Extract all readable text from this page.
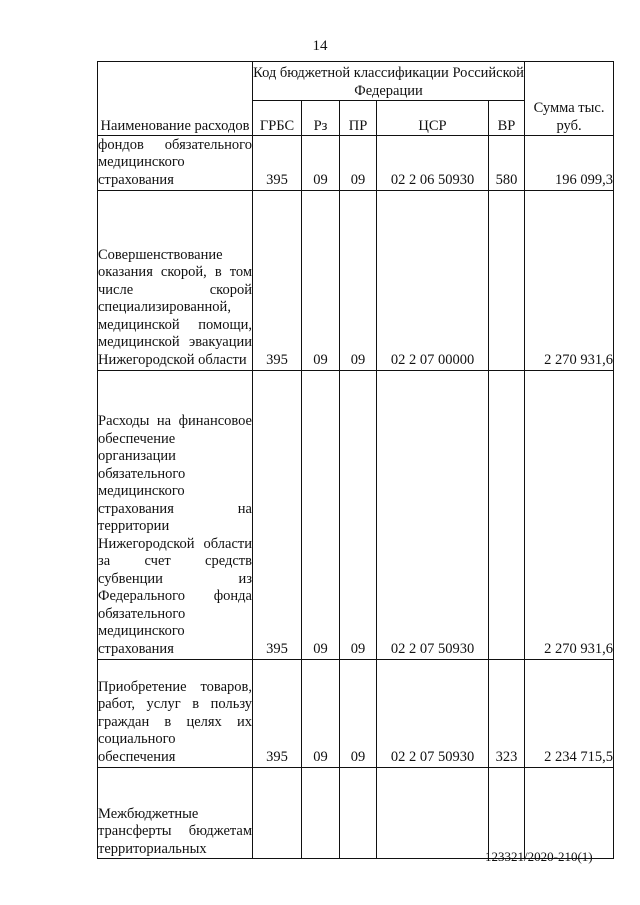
14
Наименование расходов	Код бюджетной классификации Российской Федерации					Сумма тыс. руб.
	ГРБС	Рз	ПР	ЦСР	ВР	
фондов обязательного медицинского страхования	395	09	09	02 2 06 50930	580	196 099,3
Совершенствование оказания скорой, в том числе скорой специализированной, медицинской помощи, медицинской эвакуации Нижегородской области	395	09	09	02 2 07 00000		2 270 931,6
Расходы на финансовое обеспечение организации обязательного медицинского страхования на территории Нижегородской области за счет средств субвенции из Федерального фонда обязательного медицинского страхования	395	09	09	02 2 07 50930		2 270 931,6
Приобретение товаров, работ, услуг в пользу граждан в целях их социального обеспечения	395	09	09	02 2 07 50930	323	2 234 715,5
Межбюджетные трансферты бюджетам территориальных							123321/2020-210(1)
